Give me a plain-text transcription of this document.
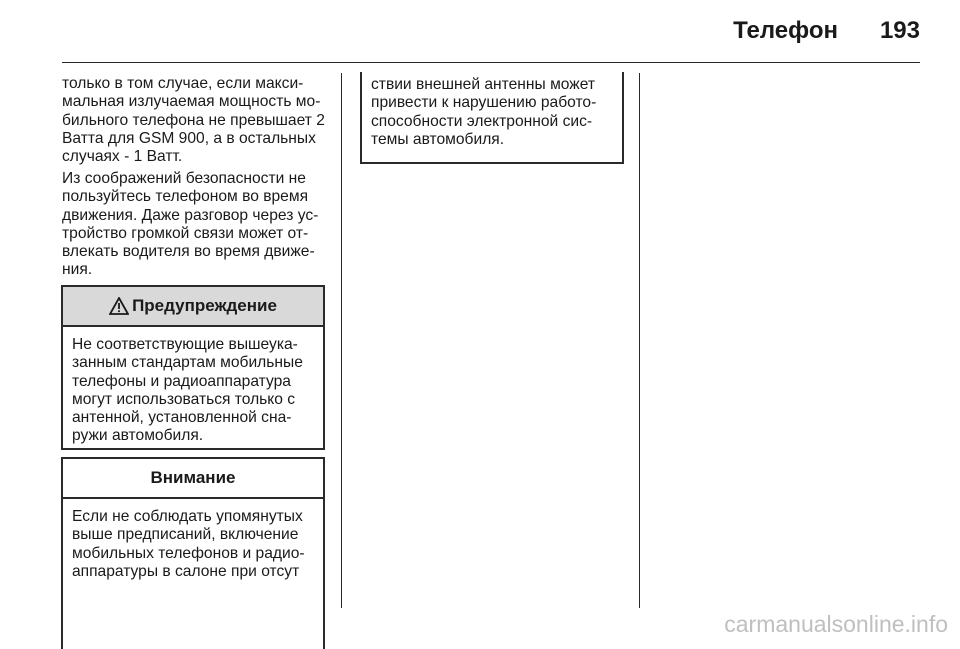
Телефон 193

только в том случае, если максимальная излучаемая мощность мобильного телефона не превышает 2 Ватта для GSM 900, а в остальных случаях - 1 Ватт.

Из соображений безопасности не пользуйтесь телефоном во время движения. Даже разговор через устройство громкой связи может отвлекать водителя во время движения.

Предупреждение

Не соответствующие вышеуказанным стандартам мобильные телефоны и радиоаппаратура могут использоваться только с антенной, установленной снаружи автомобиля.

Внимание

Если не соблюдать упомянутых выше предписаний, включение мобильных телефонов и радиоаппаратуры в салоне при отсут

ствии внешней антенны может привести к нарушению работоспособности электронной системы автомобиля.

carmanualsonline.info
